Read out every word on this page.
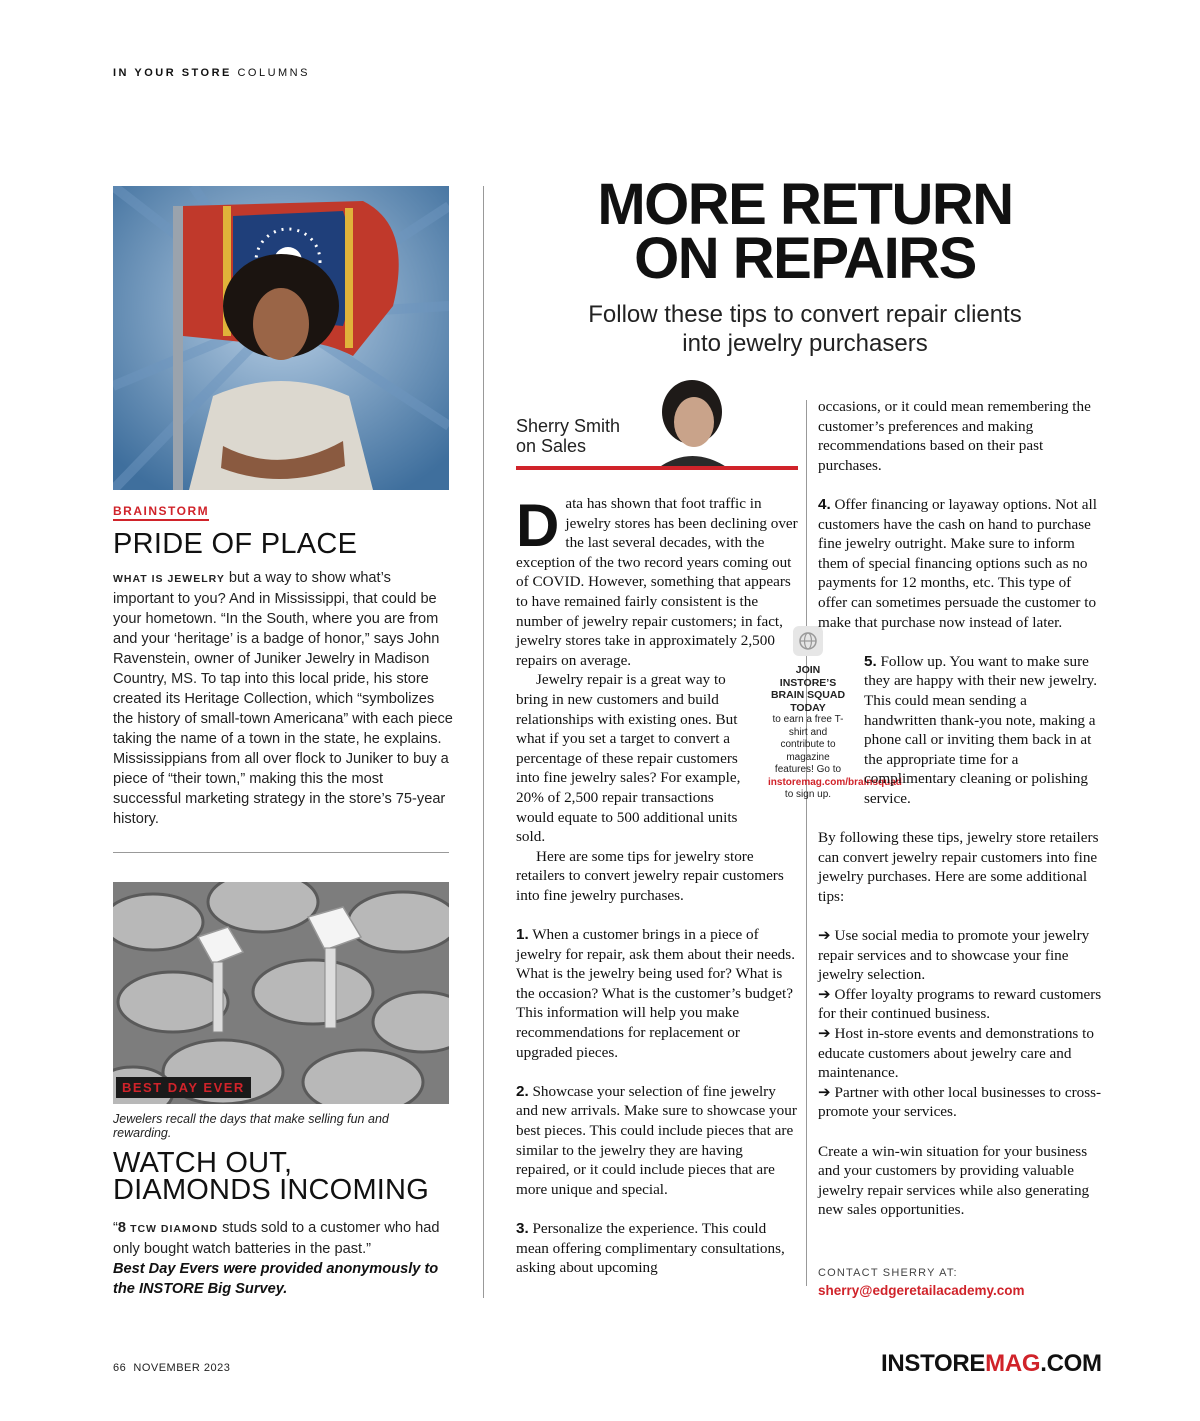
IN YOUR STORE COLUMNS
BRAINSTORM
PRIDE OF PLACE
WHAT IS JEWELRY but a way to show what’s important to you? And in Mississippi, that could be your hometown. “In the South, where you are from and your ‘heritage’ is a badge of honor,” says John Ravenstein, owner of Juniker Jewelry in Madison Country, MS. To tap into this local pride, his store created its Heritage Collection, which “symbolizes the history of small-town Americana” with each piece taking the name of a town in the state, he explains. Mississippians from all over flock to Juniker to buy a piece of “their town,” making this the most successful marketing strategy in the store’s 75-year history.
BEST DAY EVER
Jewelers recall the days that make selling fun and rewarding.
WATCH OUT,
DIAMONDS INCOMING
“8 TCW DIAMOND studs sold to a customer who had only bought watch batteries in the past.”
Best Day Evers were provided anonymously to the INSTORE Big Survey.
MORE RETURN
ON REPAIRS
Follow these tips to convert repair clients
into jewelry purchasers
Sherry Smith
on Sales

Data has shown that foot traffic in jewelry stores has been declining over the last several decades, with the exception of the two record years coming out of COVID. However, something that appears to have remained fairly consistent is the number of jewelry repair customers; in fact, jewelry stores take in approximately 2,500 repairs on average.

Jewelry repair is a great way to bring in new customers and build relationships with existing ones. But what if you set a target to convert a percentage of these repair customers into fine jewelry sales? For example, 20% of 2,500 repair transactions would equate to 500 additional units sold.

Here are some tips for jewelry store retailers to convert jewelry repair customers into fine jewelry purchases.

1. When a customer brings in a piece of jewelry for repair, ask them about their needs. What is the jewelry being used for? What is the occasion? What is the customer’s budget? This information will help you make recommendations for replacement or upgraded pieces.

2. Showcase your selection of fine jewelry and new arrivals. Make sure to showcase your best pieces. This could include pieces that are similar to the jewelry they are having repaired, or it could include pieces that are more unique and special.

3. Personalize the experience. This could mean offering complimentary consultations, asking about upcoming

JOIN INSTORE’S BRAIN SQUAD TODAY
to earn a free T-shirt and contribute to magazine features! Go to instoremag.com/brainsquad to sign up.

occasions, or it could mean remembering the customer’s preferences and making recommendations based on their past purchases.

4. Offer financing or layaway options. Not all customers have the cash on hand to purchase fine jewelry outright. Make sure to inform them of special financing options such as no payments for 12 months, etc. This type of offer can sometimes persuade the customer to make that purchase now instead of later.

5. Follow up. You want to make sure they are happy with their new jewelry. This could mean sending a handwritten thank-you note, making a phone call or inviting them back in at the appropriate time for a complimentary cleaning or polishing service.

By following these tips, jewelry store retailers can convert jewelry repair customers into fine jewelry purchases. Here are some additional tips:

➔ Use social media to promote your jewelry repair services and to showcase your fine jewelry selection.

➔ Offer loyalty programs to reward customers for their continued business.

➔ Host in-store events and demonstrations to educate customers about jewelry care and maintenance.

➔ Partner with other local businesses to cross-promote your services.

Create a win-win situation for your business and your customers by providing valuable jewelry repair services while also generating new sales opportunities.

CONTACT SHERRY AT:
sherry@edgeretailacademy.com
66 NOVEMBER 2023	INSTOREMAG.COM
